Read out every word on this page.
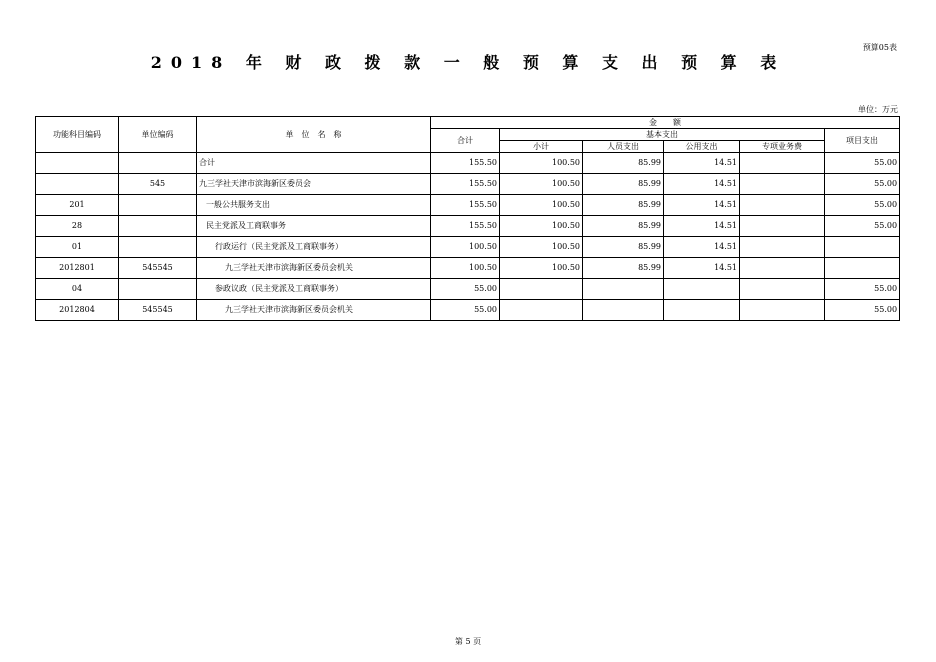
预算05表
2018 年 财 政 拨 款 一 般 预 算 支 出 预 算 表
单位：万元
功能科目编码	单位编码	单　位　名　称	金　　额					
			合计	基本支出				项目支出
				小计	人员支出	公用支出	专项业务费	
		合计	155.50	100.50	85.99	14.51		55.00
	545	九三学社天津市滨海新区委员会	155.50	100.50	85.99	14.51		55.00
201		一般公共服务支出	155.50	100.50	85.99	14.51		55.00
28		民主党派及工商联事务	155.50	100.50	85.99	14.51		55.00
01		行政运行（民主党派及工商联事务）	100.50	100.50	85.99	14.51		
2012801	545545	九三学社天津市滨海新区委员会机关	100.50	100.50	85.99	14.51		
04		参政议政（民主党派及工商联事务）	55.00					55.00
2012804	545545	九三学社天津市滨海新区委员会机关	55.00					55.00
第 5 页
